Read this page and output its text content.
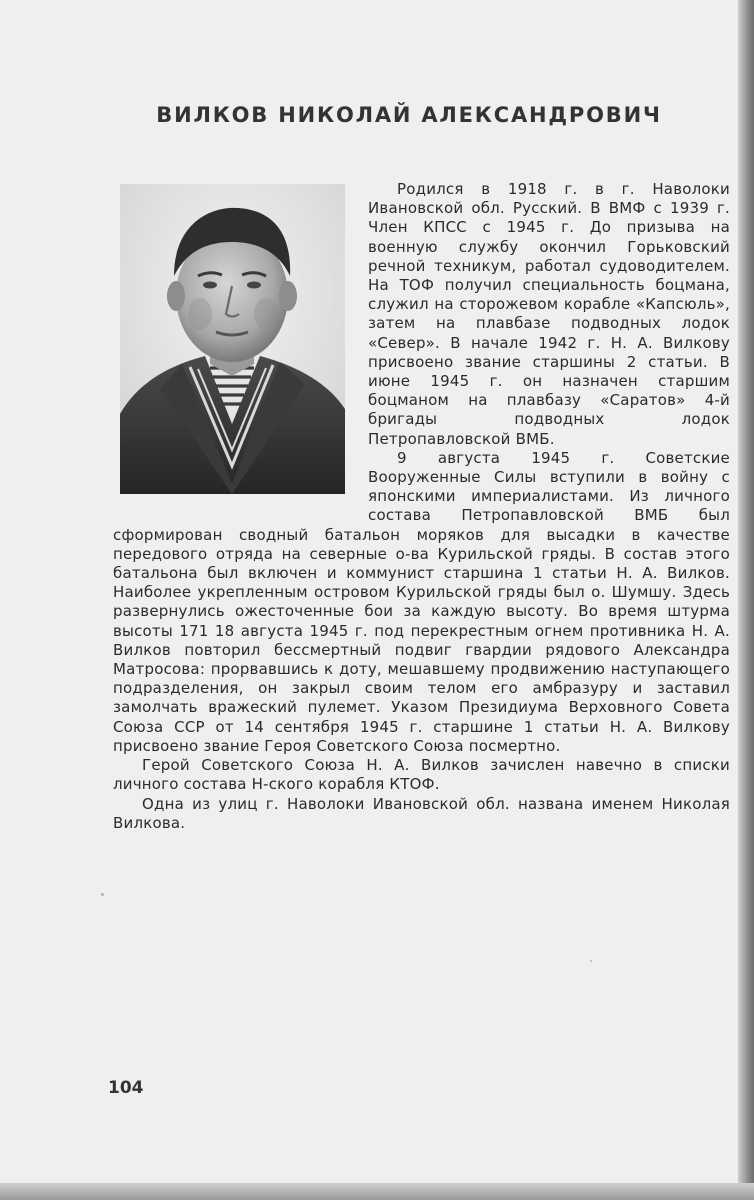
ВИЛКОВ НИКОЛАЙ АЛЕКСАНДРОВИЧ

Родился в 1918 г. в г. Наволоки Ивановской обл. Русский. В ВМФ с 1939 г. Член КПСС с 1945 г. До призыва на военную службу окончил Горьковский речной техникум, работал судоводителем. На ТОФ получил специальность боцмана, служил на сторожевом корабле «Капсюль», затем на плавбазе подводных лодок «Север». В начале 1942 г. Н. А. Вилкову присвоено звание старшины 2 статьи. В июне 1945 г. он назначен старшим боцманом на плавбазу «Саратов» 4-й бригады подводных лодок Петропавловской ВМБ.

9 августа 1945 г. Советские Вооруженные Силы вступили в войну с японскими империалистами. Из личного состава Петропавловской ВМБ был сформирован сводный батальон моряков для высадки в качестве передового отряда на северные о-ва Курильской гряды. В состав этого батальона был включен и коммунист старшина 1 статьи Н. А. Вилков. Наиболее укрепленным островом Курильской гряды был о. Шумшу. Здесь развернулись ожесточенные бои за каждую высоту. Во время штурма высоты 171 18 августа 1945 г. под перекрестным огнем противника Н. А. Вилков повторил бессмертный подвиг гвардии рядового Александра Матросова: прорвавшись к доту, мешавшему продвижению наступающего подразделения, он закрыл своим телом его амбразуру и заставил замолчать вражеский пулемет. Указом Президиума Верховного Совета Союза ССР от 14 сентября 1945 г. старшине 1 статьи Н. А. Вилкову присвоено звание Героя Советского Союза посмертно.

Герой Советского Союза Н. А. Вилков зачислен навечно в списки личного состава Н-ского корабля КТОФ.

Одна из улиц г. Наволоки Ивановской обл. названа именем Николая Вилкова.

104
